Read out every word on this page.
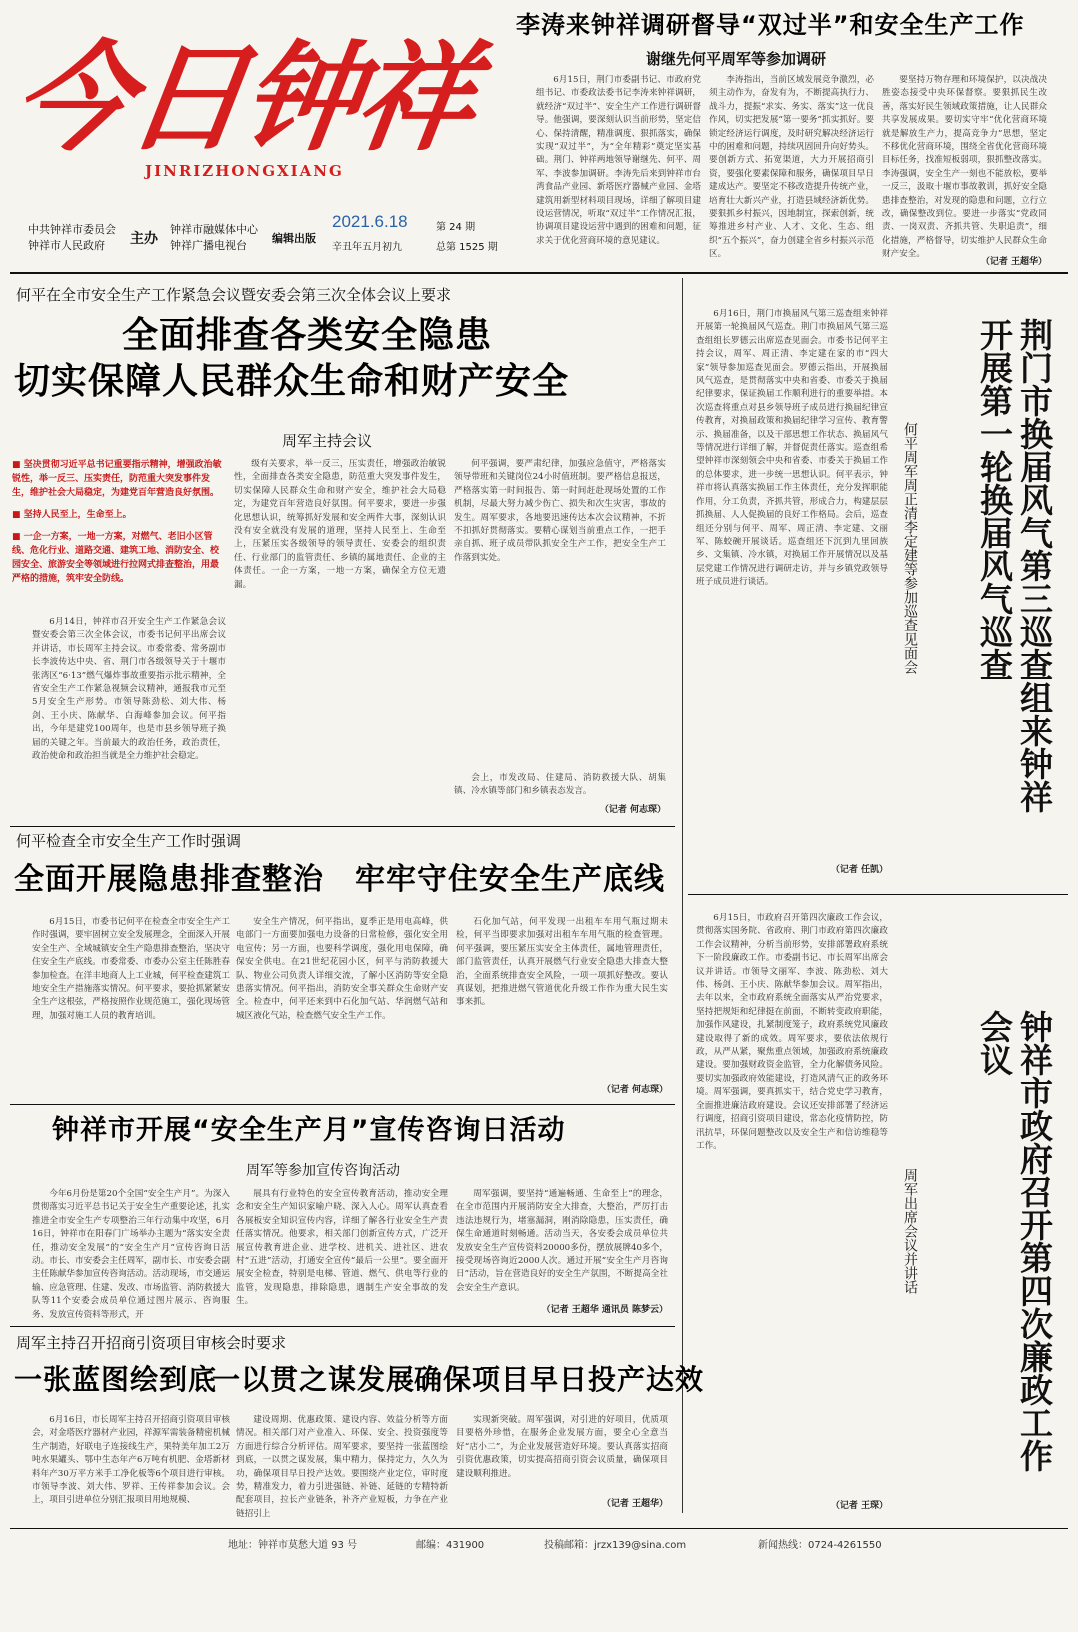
今日钟祥
JINRIZHONGXIANG
中共钟祥市委员会
钟祥市人民政府	主办
钟祥市融媒体中心
钟祥广播电视台
编辑出版
2021.6.18
辛丑年五月初九
第 24 期
总第 1525 期
李涛来钟祥调研督导“双过半”和安全生产工作
谢继先何平周军等参加调研
6月15日，荆门市委副书记、市政府党组书记、市委政法委书记李涛来钟祥调研，就经济“双过半”、安全生产工作进行调研督导。他强调，要深刻认识当前形势，坚定信心、保持清醒，精准调度、狠抓落实，确保实现“双过半”，为“全年精彩”奠定坚实基础。荆门、钟祥两地领导谢继先、何平、周军、李波参加调研。李涛先后来到钟祥市台湾食品产业园、新塔医疗器械产业园、金塔建筑用新型材料项目现场，详细了解项目建设运营情况，听取“双过半”工作情况汇报，协调项目建设运营中遇到的困难和问题，征求关于优化营商环境的意见建议。
李涛指出，当前区域发展竞争激烈，必须主动作为，奋发有为，不断提高执行力、战斗力，提振“求实、务实、落实”这一优良作风，切实把发展“第一要务”抓实抓好。要锁定经济运行调度，及时研究解决经济运行中的困难和问题，持续巩固回升向好势头。要创新方式、拓宽渠道，大力开展招商引资，要强化要素保障和服务，确保项目早日建成达产。要坚定不移改造提升传统产业，培育壮大新兴产业，打造县域经济新优势。要狠抓乡村振兴，因地制宜，探索创新，统筹推进乡村产业、人才、文化、生态、组织“五个振兴”，奋力创建全省乡村振兴示范区。
要坚持万物存理和环境保护，以决战决胜姿态接受中央环保督察。要狠抓民生改善，落实好民生领域政策措施，让人民群众共享发展成果。要切实守牢“优化营商环境就是解放生产力，提高竞争力”思想，坚定不移优化营商环境，围绕全省优化营商环境目标任务，找准短板弱项，狠抓整改落实。李涛强调，安全生产一刻也不能放松，要举一反三，汲取十堰市事故教训，抓好安全隐患排查整治，对发现的隐患和问题，立行立改，确保整改到位。要进一步落实“党政同责、一岗双责、齐抓共管、失职追责”，细化措施，严格督导，切实维护人民群众生命财产安全。
（记者 王超华）
何平在全市安全生产工作紧急会议暨安委会第三次全体会议上要求
全面排查各类安全隐患
切实保障人民群众生命和财产安全
周军主持会议
■ 坚决贯彻习近平总书记重要指示精神，增强政治敏锐性，举一反三、压实责任，防范重大突发事件发生，维护社会大局稳定，为建党百年营造良好氛围。
■ 坚持人民至上，生命至上。
■ 一企一方案，一地一方案，对燃气、老旧小区管线、危化行业、道路交通、建筑工地、消防安全、校园安全、旅游安全等领域进行拉网式排查整治，用最严格的措施，筑牢安全防线。
6月14日，钟祥市召开安全生产工作紧急会议暨安委会第三次全体会议，市委书记何平出席会议并讲话，市长周军主持会议。市委常委、常务副市长李波传达中央、省、荆门市各级领导关于十堰市张湾区“6·13”燃气爆炸事故重要指示批示精神，全省安全生产工作紧急视频会议精神，通报我市元至5月安全生产形势。市领导陈劲松、刘大伟、杨剑、王小庆、陈献华、白海峰参加会议。何平指出，今年是建党100周年，也是市县乡领导班子换届的关键之年。当前最大的政治任务，政治责任，政治使命和政治担当就是全力维护社会稳定。
级有关要求，举一反三，压实责任，增强政治敏锐性，全面排查各类安全隐患，防范重大突发事件发生，切实保障人民群众生命和财产安全，维护社会大局稳定，为建党百年营造良好氛围。何平要求，要进一步强化思想认识，统筹抓好发展和安全两件大事，深刻认识没有安全就没有发展的道理，坚持人民至上、生命至上，压紧压实各级领导的领导责任、安委会的组织责任、行业部门的监管责任、乡镇的属地责任、企业的主体责任。一企一方案，一地一方案，确保全方位无遗漏。
何平强调，要严肃纪律，加强应急值守，严格落实领导带班和关键岗位24小时值班制。要严格信息报送，严格落实第一时间报告、第一时间赶赴现场处置的工作机制，尽最大努力减少伤亡、损失和次生灾害，事故的发生。周军要求，各地要迅速传达本次会议精神，不折不扣抓好贯彻落实。要精心谋划当前重点工作，一把手亲自抓、班子成员带队抓安全生产工作，把安全生产工作落到实处。
会上，市发改局、住建局、消防救援大队、胡集镇、冷水镇等部门和乡镇表态发言。
（记者 何志琛）
6月16日，荆门市换届风气第三巡查组来钟祥开展第一轮换届风气巡查。荆门市换届风气第三巡查组组长罗德云出席巡查见面会。市委书记何平主持会议，周军、周正清、李定建在家的市“四大家”领导参加巡查见面会。罗德云指出，开展换届风气巡查，是贯彻落实中央和省委、市委关于换届纪律要求，保证换届工作顺利进行的重要举措。本次巡查将重点对县乡领导班子成员进行换届纪律宣传教育，对换届政策和换届纪律学习宣传、教育警示、换届准备，以及干部思想工作状态、换届风气等情况进行详细了解，并督促责任落实。巡查组希望钟祥市深刻领会中央和省委、市委关于换届工作的总体要求，进一步统一思想认识。何平表示，钟祥市将认真落实换届工作主体责任，充分发挥职能作用，分工负责，齐抓共管，形成合力，构建层层抓换届、人人促换届的良好工作格局。会后，巡查组还分别与何平、周军、周正清、李定建、文丽军、陈蛟碗开展谈话。巡查组还下沉到九里回族乡、文集镇、冷水镇，对换届工作开展情况以及基层党建工作情况进行调研走访，并与乡镇党政领导班子成员进行谈话。
（记者 任凯）
何平周军周正清李定建等参加巡查见面会	荆门市换届风气第三巡查组来钟祥开展第一轮换届风气巡查
6月15日，市政府召开第四次廉政工作会议，贯彻落实国务院、省政府、荆门市政府第四次廉政工作会议精神，分析当前形势，安排部署政府系统下一阶段廉政工作。市委副书记、市长周军出席会议并讲话。市领导文丽军、李波、陈劲松、刘大伟、杨剑、王小庆、陈献华参加会议。周军指出，去年以来，全市政府系统全面落实从严治党要求，坚持把规矩和纪律挺在前面，不断转变政府职能，加强作风建设，扎紧制度笼子，政府系统党风廉政建设取得了新的成效。周军要求，要依法依规行政，从严从紧，聚焦重点领域，加强政府系统廉政建设。要加强财政资金监管，全力化解债务风险。要切实加强政府效能建设，打造风清气正的政务环境。周军强调，要真抓实干，结合党史学习教育，全面推进廉洁政府建设。会议还安排部署了经济运行调度，招商引资项目建设，常态化疫情防控，防汛抗旱，环保问题整改以及安全生产和信访维稳等工作。
（记者 王琛）
周军出席会议并讲话	钟祥市政府召开第四次廉政工作会议
何平检查全市安全生产工作时强调
全面开展隐患排查整治 牢牢守住安全生产底线
6月15日，市委书记何平在检查全市安全生产工作时强调，要牢固树立安全发展理念，全面深入开展安全生产、全域城镇安全生产隐患排查整治，坚决守住安全生产底线。市委常委、市委办公室主任陈胜春参加检查。在洋丰地商人上工业城，何平检查建筑工地安全生产措施落实情况。何平要求，要抢抓紧紧安全生产这根弦，严格按照作业规范施工，强化现场管理，加强对施工人员的教育培训。
安全生产情况，何平指出，夏季正是用电高峰，供电部门一方面要加强电力设备的日常检修，强化安全用电宣传；另一方面，也要科学调度，强化用电保障，确保安全供电。在21世纪花园小区，何平与消防救援大队、物业公司负责人详细交流，了解小区消防等安全隐患落实情况。何平指出，消防安全事关群众生命财产安全。检查中，何平还来到中石化加气站、华润燃气站和城区液化气站，检查燃气安全生产工作。
石化加气站，何平发现一出租车车用气瓶过期未检，何平当即要求加强对出租车车用气瓶的检查管理。何平强调，要压紧压实安全主体责任，属地管理责任，部门监管责任，认真开展燃气行业安全隐患大排查大整治，全面系统排查安全风险，一项一项抓好整改。要认真谋划，把推进燃气管道优化升级工作作为重大民生实事来抓。
（记者 何志琛）
钟祥市开展“安全生产月”宣传咨询日活动
周军等参加宣传咨询活动
今年6月份是第20个全国“安全生产月”。为深入贯彻落实习近平总书记关于安全生产重要论述，扎实推进全市安全生产专项整治三年行动集中攻坚，6月16日，钟祥市在阳春门广场举办主题为“落实安全责任，推动安全发展”的“安全生产月”宣传咨询日活动。市长、市安委会主任周军，副市长、市安委会副主任陈献华参加宣传咨询活动。活动现场，市交通运输、应急管理、住建、发改、市场监管、消防救援大队等11个安委会成员单位通过图片展示、咨询服务、发放宣传资料等形式，开
展具有行业特色的安全宣传教育活动，推动安全理念和安全生产知识家喻户晓、深入人心。周军认真查看各展板安全知识宣传内容，详细了解各行业安全生产责任落实情况。他要求，相关部门创新宣传方式，广泛开展宣传教育进企业、进学校、进机关、进社区、进农村“五进”活动，打通安全宣传“最后一公里”。要全面开展安全检查，特别是电梯、管道、燃气、供电等行业的监管，发现隐患，排除隐患，遇制生产安全事故的发生。
周军强调，要坚持“通遍畅通、生命至上”的理念，在全市范围内开展消防安全大排查，大整治，严厉打击违法违规行为，堵塞漏洞，刚消除隐患，压实责任，确保生命通道时刻畅通。活动当天，各安委会成员单位共发放安全生产宣传资料20000多份，摆放展牌40多个，接受现场咨询近2000人次。通过开展“安全生产月咨询日”活动，旨在营造良好的安全生产氛围，不断提高全社会安全生产意识。
（记者 王超华 通讯员 陈梦云）
周军主持召开招商引资项目审核会时要求
一张蓝图绘到底
一以贯之谋发展
确保项目早日投产达效
6月16日，市长周军主持召开招商引资项目审核会，对金塔医疗器材产业园，祥源军需装备精密机械生产制造，好联电子连接线生产，果特美年加工2万吨水果罐头、鄂中生态年产6万吨有机肥、金塔新材料年产30万平方米手工净化板等6个项目进行审核。市领导李波、刘大伟、罗祥、王传祥参加会议。会上，项目引进单位分别汇报项目用地规模、
建设周期、优惠政策、建设内容、效益分析等方面情况。相关部门对产业准入、环保、安全、投资强度等方面进行综合分析评估。周军要求，要坚持一张蓝图绘到底，一以贯之谋发展，集中精力，保持定力，久久为功，确保项目早日投产达效。要围绕产业定位，审时度势，精准发力，着力引进强链、补链、延链的专精特新配套项目，拉长产业链条，补齐产业短板，力争在产业链招引上
实现新突破。周军强调，对引进的好项目，优质项目要格外珍惜，在服务企业发展方面，要全心全意当好“店小二”，为企业发展营造好环境。要认真落实招商引资优惠政策，切实提高招商引资会议质量，确保项目建设顺利推进。
（记者 王超华）
地址：钟祥市莫愁大道 93 号	邮编：431900	投稿邮箱：jrzx139@sina.com	新闻热线：0724-4261550
